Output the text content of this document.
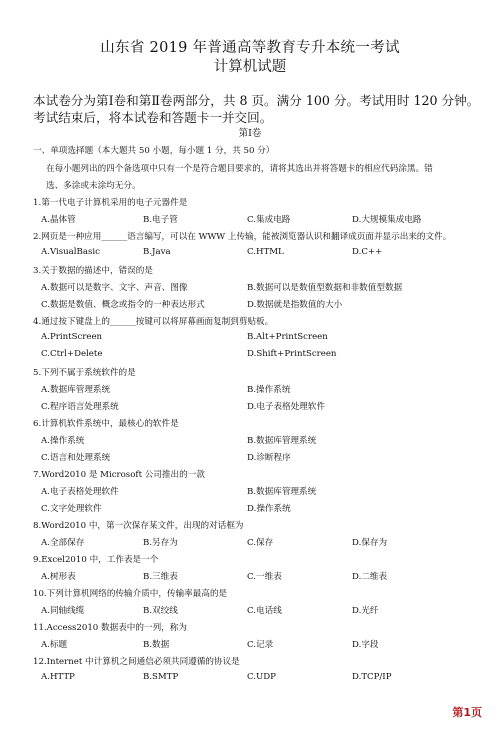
山东省 2019 年普通高等教育专升本统一考试
计算机试题
本试卷分为第Ⅰ卷和第Ⅱ卷两部分，共 8 页。满分 100 分。考试用时 120 分钟。
考试结束后，将本试卷和答题卡一并交回。
第Ⅰ卷
一、单项选择题（本大题共 50 小题，每小题 1 分，共 50 分）
在每小题列出的四个备选项中只有一个是符合题目要求的，请将其选出并将答题卡的相应代码涂黑。错
选、多涂或未涂均无分。
1.第一代电子计算机采用的电子元器件是
A.晶体管	B.电子管	C.集成电路	D.大规模集成电路
2.网页是一种应用______语言编写，可以在 WWW 上传输，能被浏览器认识和翻译成页面并显示出来的文件。
A.VisualBasic	B.Java	C.HTML	D.C++
3.关于数据的描述中，错误的是
A.数据可以是数字、文字、声音、图像	B.数据可以是数值型数据和非数值型数据
C.数据是数值、概念或指令的一种表达形式	D.数据就是指数值的大小
4.通过按下键盘上的______按键可以将屏幕画面复制到剪贴板。
A.PrintScreen	B.Alt+PrintScreen
C.Ctrl+Delete	D.Shift+PrintScreen
5.下列不属于系统软件的是
A.数据库管理系统	B.操作系统
C.程序语言处理系统	D.电子表格处理软件
6.计算机软件系统中，最核心的软件是
A.操作系统	B.数据库管理系统
C.语言和处理系统	D.诊断程序
7.Word2010 是 Microsoft 公司推出的一款
A.电子表格处理软件	B.数据库管理系统
C.文字处理软件	D.操作系统
8.Word2010 中，第一次保存某文件，出现的对话框为
A.全部保存	B.另存为	C.保存	D.保存为
9.Excel2010 中，工作表是一个
A.树形表	B.三维表	C.一维表	D.二维表
10.下列计算机网络的传输介质中，传输率最高的是
A.同轴线缆	B.双绞线	C.电话线	D.光纤
11.Access2010 数据表中的一列，称为
A.标题	B.数据	C.记录	D.字段
12.Internet 中计算机之间通信必须共同遵循的协议是
A.HTTP	B.SMTP	C.UDP	D.TCP/IP
第1页
